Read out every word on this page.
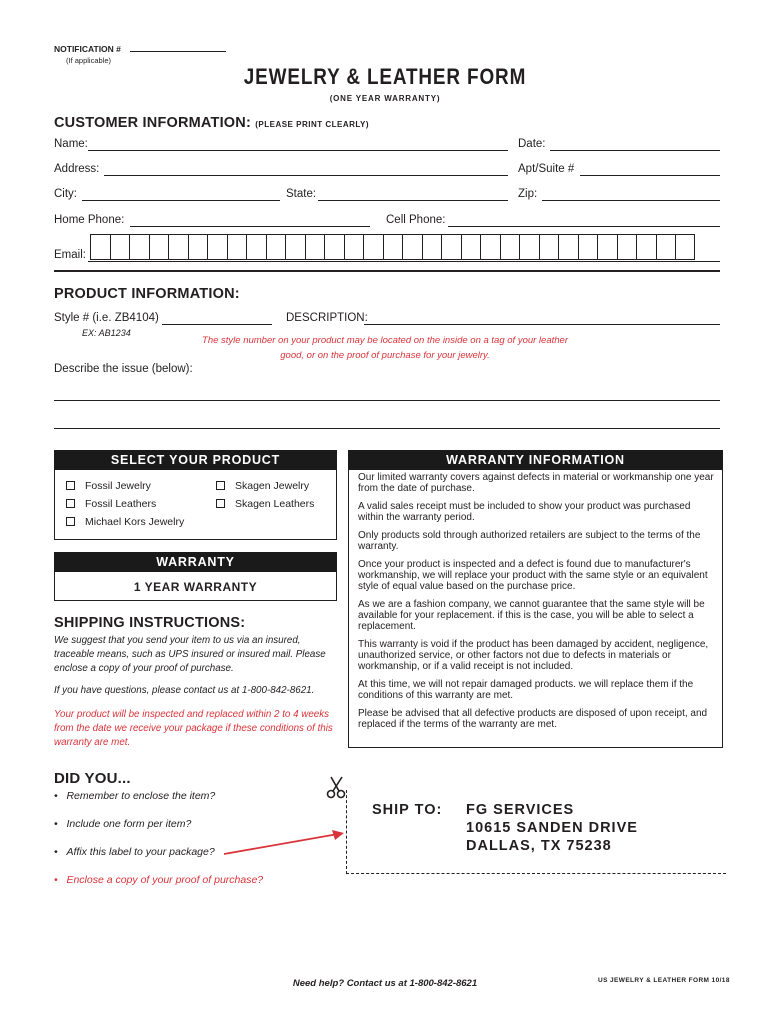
NOTIFICATION #
(If applicable)
JEWELRY & LEATHER FORM
(ONE YEAR WARRANTY)
CUSTOMER INFORMATION: (PLEASE PRINT CLEARLY)
Name:	Date:
Address:	Apt/Suite #
City:	State:	Zip:
Home Phone:	Cell Phone:
Email:
PRODUCT INFORMATION:
Style # (i.e. ZB4104)
EX: AB1234
DESCRIPTION:
The style number on your product may be located on the inside on a tag of your leather
good, or on the proof of purchase for your jewelry.
Describe the issue (below):
SELECT YOUR PRODUCT
Fossil Jewelry	Skagen Jewelry
Fossil Leathers	Skagen Leathers
Michael Kors Jewelry
WARRANTY
1 YEAR WARRANTY
SHIPPING INSTRUCTIONS:
We suggest that you send your item to us via an insured, traceable means, such as UPS insured or insured mail. Please enclose a copy of your proof of purchase.
If you have questions, please contact us at 1-800-842-8621.
Your product will be inspected and replaced within 2 to 4 weeks from the date we receive your package if these conditions of this warranty are met.
WARRANTY INFORMATION
Our limited warranty covers against defects in material or workmanship one year from the date of purchase.
A valid sales receipt must be included to show your product was purchased within the warranty period.
Only products sold through authorized retailers are subject to the terms of the warranty.
Once your product is inspected and a defect is found due to manufacturer's workmanship, we will replace your product with the same style or an equivalent style of equal value based on the purchase price.
As we are a fashion company, we cannot guarantee that the same style will be available for your replacement. if this is the case, you will be able to select a replacement.
This warranty is void if the product has been damaged by accident, negligence, unauthorized service, or other factors not due to defects in materials or workmanship, or if a valid receipt is not included.
At this time, we will not repair damaged products. we will replace them if the conditions of this warranty are met.
Please be advised that all defective products are disposed of upon receipt, and replaced if the terms of the warranty are met.
DID YOU...
•   Remember to enclose the item?
•   Include one form per item?
•   Affix this label to your package?
•   Enclose a copy of your proof of purchase?
SHIP TO: FG SERVICES
10615 SANDEN DRIVE
DALLAS, TX 75238
Need help? Contact us at 1-800-842-8621	US JEWELRY & LEATHER FORM 10/18
